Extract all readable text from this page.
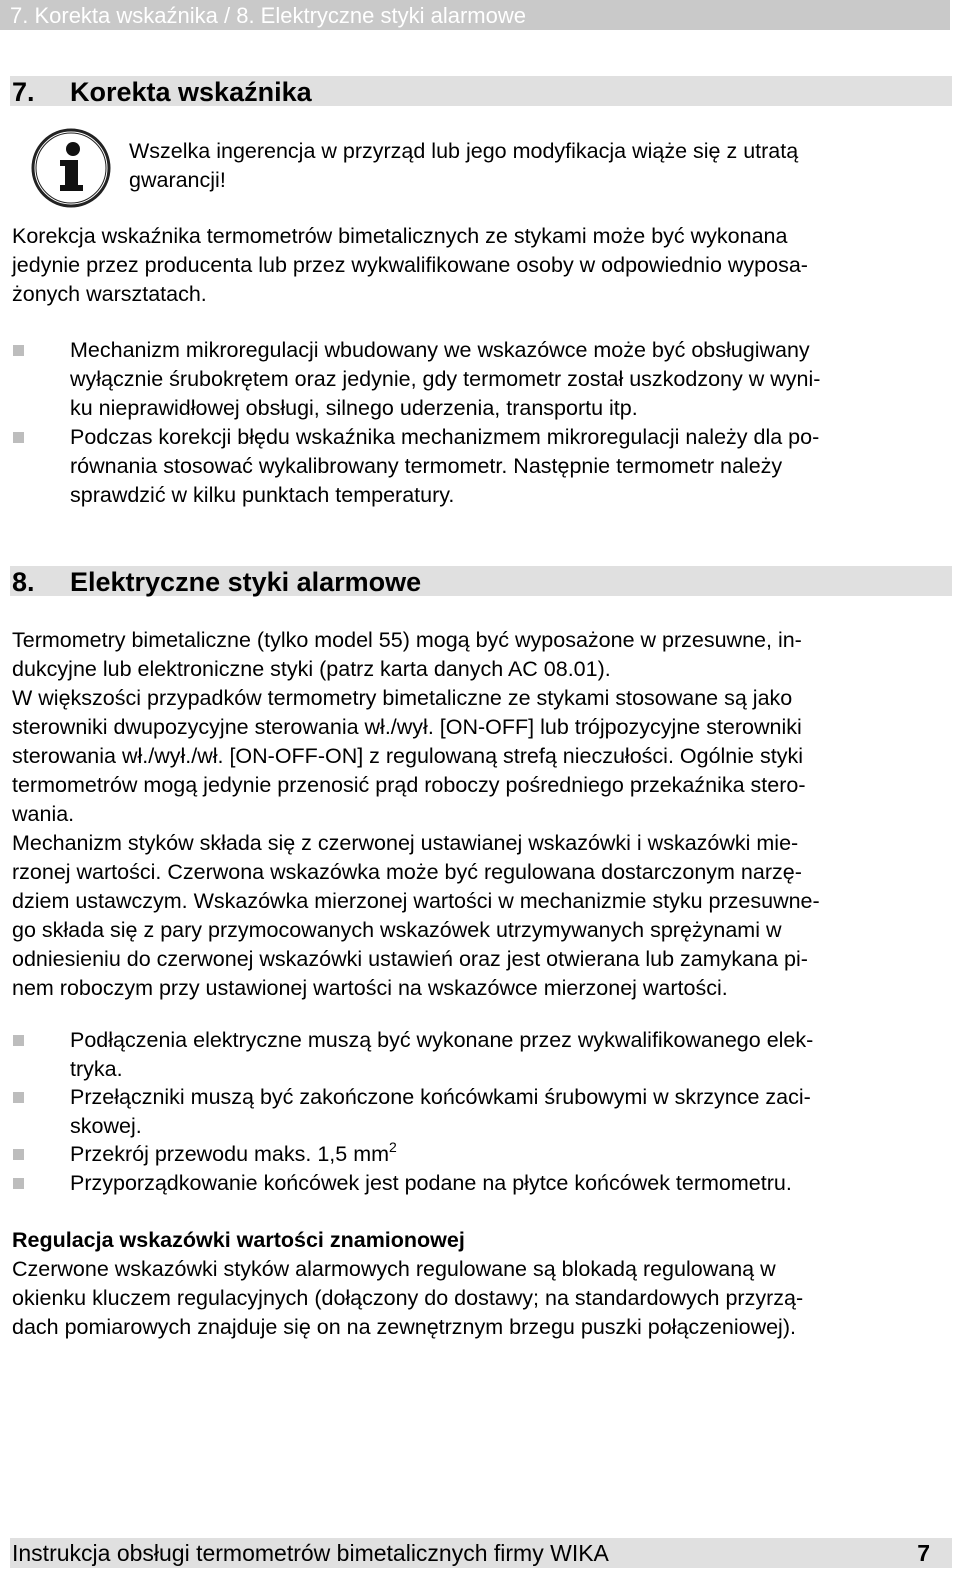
7. Korekta wskaźnika / 8. Elektryczne styki alarmowe
7. Korekta wskaźnika
Wszelka ingerencja w przyrząd lub jego modyfikacja wiąże się z utratą
gwarancji!
Korekcja wskaźnika termometrów bimetalicznych ze stykami może być wykonana
jedynie przez producenta lub przez wykwalifikowane osoby w odpowiednio wyposa-
żonych warsztatach.
Mechanizm mikroregulacji wbudowany we wskazówce może być obsługiwany
wyłącznie śrubokrętem oraz jedynie, gdy termometr został uszkodzony w wyni-
ku nieprawidłowej obsługi, silnego uderzenia, transportu itp.
Podczas korekcji błędu wskaźnika mechanizmem mikroregulacji należy dla po-
równania stosować wykalibrowany termometr. Następnie termometr należy
sprawdzić w kilku punktach temperatury.
8. Elektryczne styki alarmowe
Termometry bimetaliczne (tylko model 55) mogą być wyposażone w przesuwne, in-
dukcyjne lub elektroniczne styki (patrz karta danych AC 08.01).
W większości przypadków termometry bimetaliczne ze stykami stosowane są jako
sterowniki dwupozycyjne sterowania wł./wył. [ON-OFF] lub trójpozycyjne sterowniki
sterowania wł./wył./wł. [ON-OFF-ON] z regulowaną strefą nieczułości. Ogólnie styki
termometrów mogą jedynie przenosić prąd roboczy pośredniego przekaźnika stero-
wania.
Mechanizm styków składa się z czerwonej ustawianej wskazówki i wskazówki mie-
rzonej wartości. Czerwona wskazówka może być regulowana dostarczonym narzę-
dziem ustawczym. Wskazówka mierzonej wartości w mechanizmie styku przesuwne-
go składa się z pary przymocowanych wskazówek utrzymywanych sprężynami w
odniesieniu do czerwonej wskazówki ustawień oraz jest otwierana lub zamykana pi-
nem roboczym przy ustawionej wartości na wskazówce mierzonej wartości.
Podłączenia elektryczne muszą być wykonane przez wykwalifikowanego elek-
tryka.
Przełączniki muszą być zakończone końcówkami śrubowymi w skrzynce zaci-
skowej.
Przekrój przewodu maks. 1,5 $mm^2$
Przyporządkowanie końcówek jest podane na płytce końcówek termometru.
Regulacja wskazówki wartości znamionowej
Czerwone wskazówki styków alarmowych regulowane są blokadą regulowaną w
okienku kluczem regulacyjnych (dołączony do dostawy; na standardowych przyrzą-
dach pomiarowych znajduje się on na zewnętrznym brzegu puszki połączeniowej).
Instrukcja obsługi termometrów bimetalicznych firmy WIKA	7
